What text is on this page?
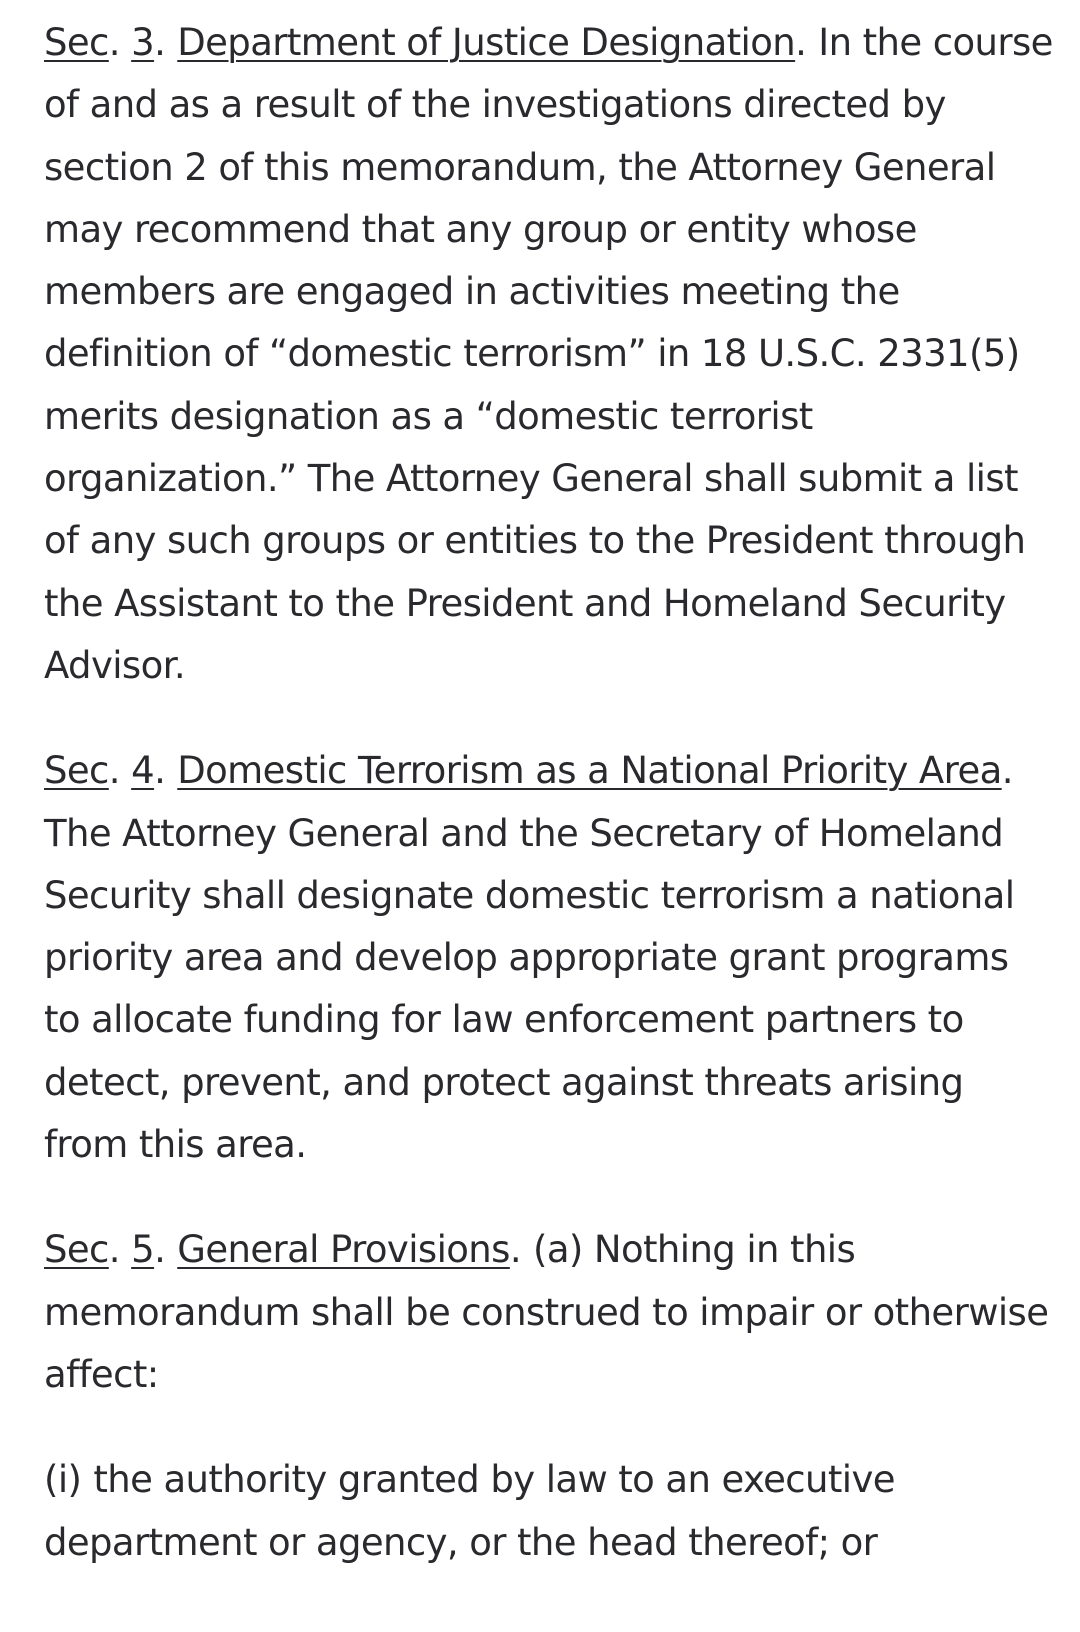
Sec. 3. Department of Justice Designation. In the course of and as a result of the investigations directed by section 2 of this memorandum, the Attorney General may recommend that any group or entity whose members are engaged in activities meeting the definition of “domestic terrorism” in 18 U.S.C. 2331(5) merits designation as a “domestic terrorist organization.” The Attorney General shall submit a list of any such groups or entities to the President through the Assistant to the President and Homeland Security Advisor.

Sec. 4. Domestic Terrorism as a National Priority Area.The Attorney General and the Secretary of Homeland Security shall designate domestic terrorism a national priority area and develop appropriate grant programs to allocate funding for law enforcement partners to detect, prevent, and protect against threats arising from this area.

Sec. 5. General Provisions. (a) Nothing in this memorandum shall be construed to impair or otherwise affect:

(i) the authority granted by law to an executive department or agency, or the head thereof; or
